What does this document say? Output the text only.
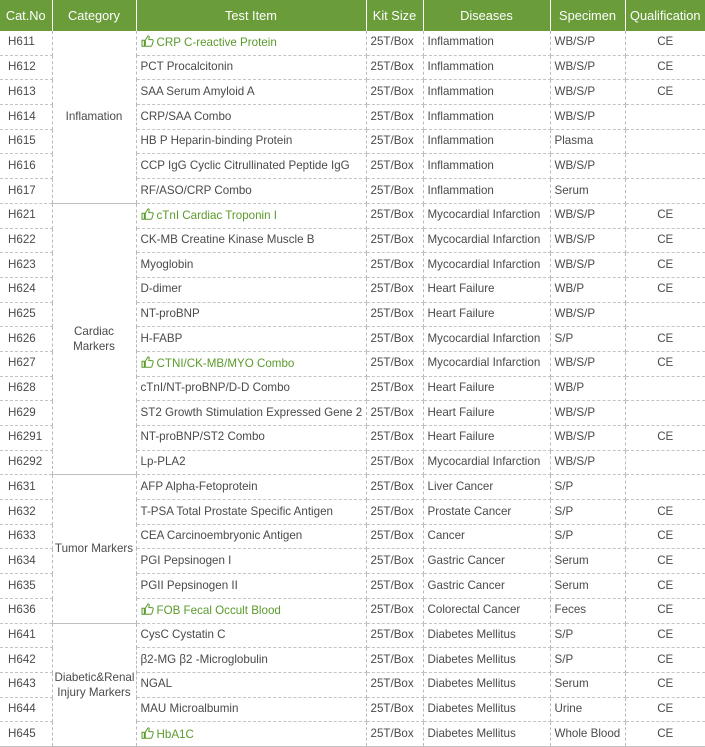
Cat.No	Category	Test Item	Kit Size	Diseases	Specimen	Qualification
H611	Inflamation	CRP C-reactive Protein	25T/Box	Inflammation	WB/S/P	CE
H612		PCT Procalcitonin	25T/Box	Inflammation	WB/S/P	CE
H613		SAA Serum Amyloid A	25T/Box	Inflammation	WB/S/P	CE
H614		CRP/SAA Combo	25T/Box	Inflammation	WB/S/P	
H615		HB P Heparin-binding Protein	25T/Box	Inflammation	Plasma	
H616		CCP IgG Cyclic Citrullinated Peptide IgG	25T/Box	Inflammation	WB/S/P	
H617		RF/ASO/CRP Combo	25T/Box	Inflammation	Serum	
H621	Cardiac Markers	cTnI Cardiac Troponin I	25T/Box	Mycocardial Infarction	WB/S/P	CE
H622		CK-MB Creatine Kinase Muscle B	25T/Box	Mycocardial Infarction	WB/S/P	CE
H623		Myoglobin	25T/Box	Mycocardial Infarction	WB/S/P	CE
H624		D-dimer	25T/Box	Heart Failure	WB/P	CE
H625		NT-proBNP	25T/Box	Heart Failure	WB/S/P	
H626		H-FABP	25T/Box	Mycocardial Infarction	S/P	CE
H627		CTNI/CK-MB/MYO Combo	25T/Box	Mycocardial Infarction	WB/S/P	CE
H628		cTnI/NT-proBNP/D-D Combo	25T/Box	Heart Failure	WB/P	
H629		ST2 Growth Stimulation Expressed Gene 2	25T/Box	Heart Failure	WB/S/P	
H6291		NT-proBNP/ST2 Combo	25T/Box	Heart Failure	WB/S/P	CE
H6292		Lp-PLA2	25T/Box	Mycocardial Infarction	WB/S/P	
H631	Tumor Markers	AFP Alpha-Fetoprotein	25T/Box	Liver Cancer	S/P	
H632		T-PSA Total Prostate Specific Antigen	25T/Box	Prostate Cancer	S/P	CE
H633		CEA Carcinoembryonic Antigen	25T/Box	Cancer	S/P	CE
H634		PGI Pepsinogen I	25T/Box	Gastric Cancer	Serum	CE
H635		PGII Pepsinogen II	25T/Box	Gastric Cancer	Serum	CE
H636		FOB Fecal Occult Blood	25T/Box	Colorectal Cancer	Feces	CE
H641	Diabetic&Renal Injury Markers	CysC Cystatin C	25T/Box	Diabetes Mellitus	S/P	CE
H642		β2-MG β2 -Microglobulin	25T/Box	Diabetes Mellitus	S/P	CE
H643		NGAL	25T/Box	Diabetes Mellitus	Serum	CE
H644		MAU Microalbumin	25T/Box	Diabetes Mellitus	Urine	CE
H645		HbA1C	25T/Box	Diabetes Mellitus	Whole Blood	CE
